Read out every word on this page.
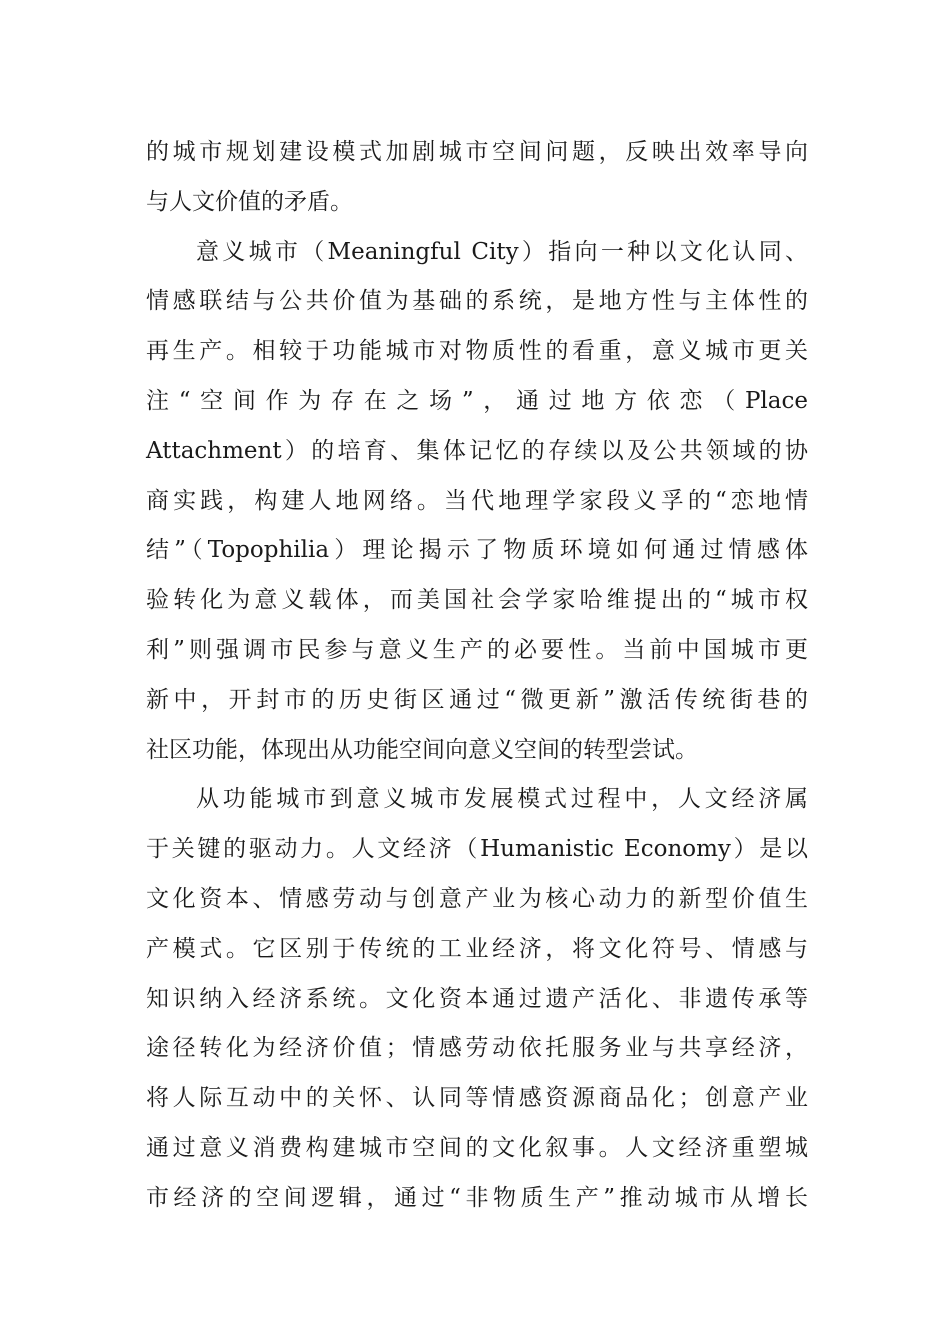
的城市规划建设模式加剧城市空间问题，反映出效率导向
与人文价值的矛盾。
意义城市（Meaningful City）指向一种以文化认同、
情感联结与公共价值为基础的系统，是地方性与主体性的
再生产。相较于功能城市对物质性的看重，意义城市更关
注“空间作为存在之场”，通过地方依恋（Place
Attachment）的培育、集体记忆的存续以及公共领域的协
商实践，构建人地网络。当代地理学家段义孚的“恋地情
结”（Topophilia）理论揭示了物质环境如何通过情感体
验转化为意义载体，而美国社会学家哈维提出的“城市权
利”则强调市民参与意义生产的必要性。当前中国城市更
新中，开封市的历史街区通过“微更新”激活传统街巷的
社区功能，体现出从功能空间向意义空间的转型尝试。
从功能城市到意义城市发展模式过程中，人文经济属
于关键的驱动力。人文经济（Humanistic Economy）是以
文化资本、情感劳动与创意产业为核心动力的新型价值生
产模式。它区别于传统的工业经济，将文化符号、情感与
知识纳入经济系统。文化资本通过遗产活化、非遗传承等
途径转化为经济价值；情感劳动依托服务业与共享经济，
将人际互动中的关怀、认同等情感资源商品化；创意产业
通过意义消费构建城市空间的文化叙事。人文经济重塑城
市经济的空间逻辑，通过“非物质生产”推动城市从增长
